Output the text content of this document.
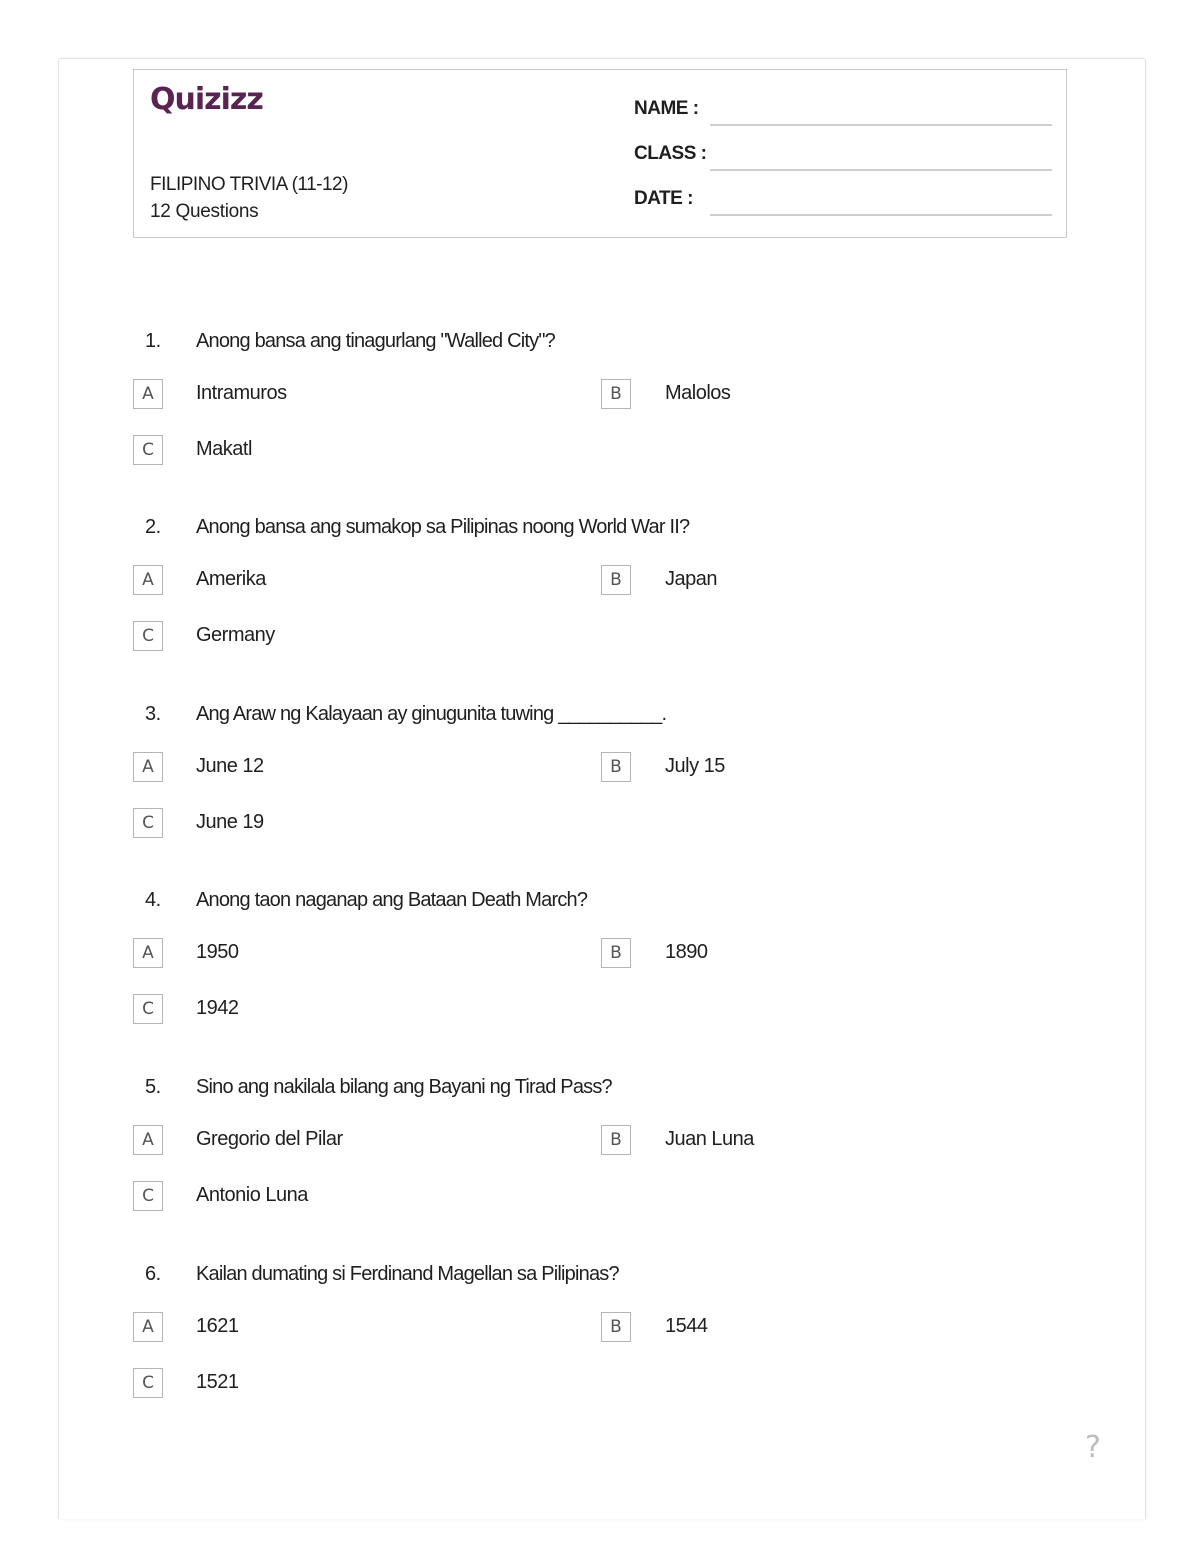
Quizizz
FILIPINO TRIVIA (11-12)
12 Questions
NAME :
CLASS :
DATE :
1. Anong bansa ang tinagurlang "Walled City"?
A	Intramuros	B	Malolos
C	Makatl
2. Anong bansa ang sumakop sa Pilipinas noong World War II?
A	Amerika	B	Japan
C	Germany
3. Ang Araw ng Kalayaan ay ginugunita tuwing __________.
A	June 12	B	July 15
C	June 19
4. Anong taon naganap ang Bataan Death March?
A	1950	B	1890
C	1942
5. Sino ang nakilala bilang ang Bayani ng Tirad Pass?
A	Gregorio del Pilar	B	Juan Luna
C	Antonio Luna
6. Kailan dumating si Ferdinand Magellan sa Pilipinas?
A	1621	B	1544
C	1521
?
